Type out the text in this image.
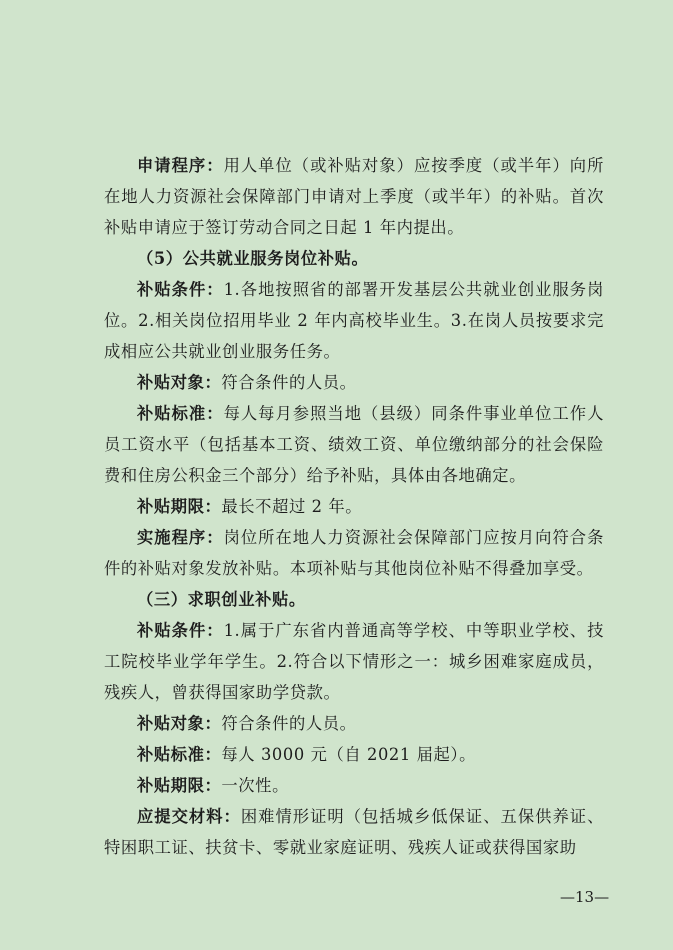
申请程序：用人单位（或补贴对象）应按季度（或半年）向所在地人力资源社会保障部门申请对上季度（或半年）的补贴。首次补贴申请应于签订劳动合同之日起 1 年内提出。

（5）公共就业服务岗位补贴。

补贴条件：1.各地按照省的部署开发基层公共就业创业服务岗位。2.相关岗位招用毕业 2 年内高校毕业生。3.在岗人员按要求完成相应公共就业创业服务任务。

补贴对象：符合条件的人员。

补贴标准：每人每月参照当地（县级）同条件事业单位工作人员工资水平（包括基本工资、绩效工资、单位缴纳部分的社会保险费和住房公积金三个部分）给予补贴，具体由各地确定。

补贴期限：最长不超过 2 年。

实施程序：岗位所在地人力资源社会保障部门应按月向符合条件的补贴对象发放补贴。本项补贴与其他岗位补贴不得叠加享受。

（三）求职创业补贴。

补贴条件：1.属于广东省内普通高等学校、中等职业学校、技工院校毕业学年学生。2.符合以下情形之一：城乡困难家庭成员，残疾人，曾获得国家助学贷款。

补贴对象：符合条件的人员。

补贴标准：每人 3000 元（自 2021 届起）。

补贴期限：一次性。

应提交材料：困难情形证明（包括城乡低保证、五保供养证、特困职工证、扶贫卡、零就业家庭证明、残疾人证或获得国家助

—13—
